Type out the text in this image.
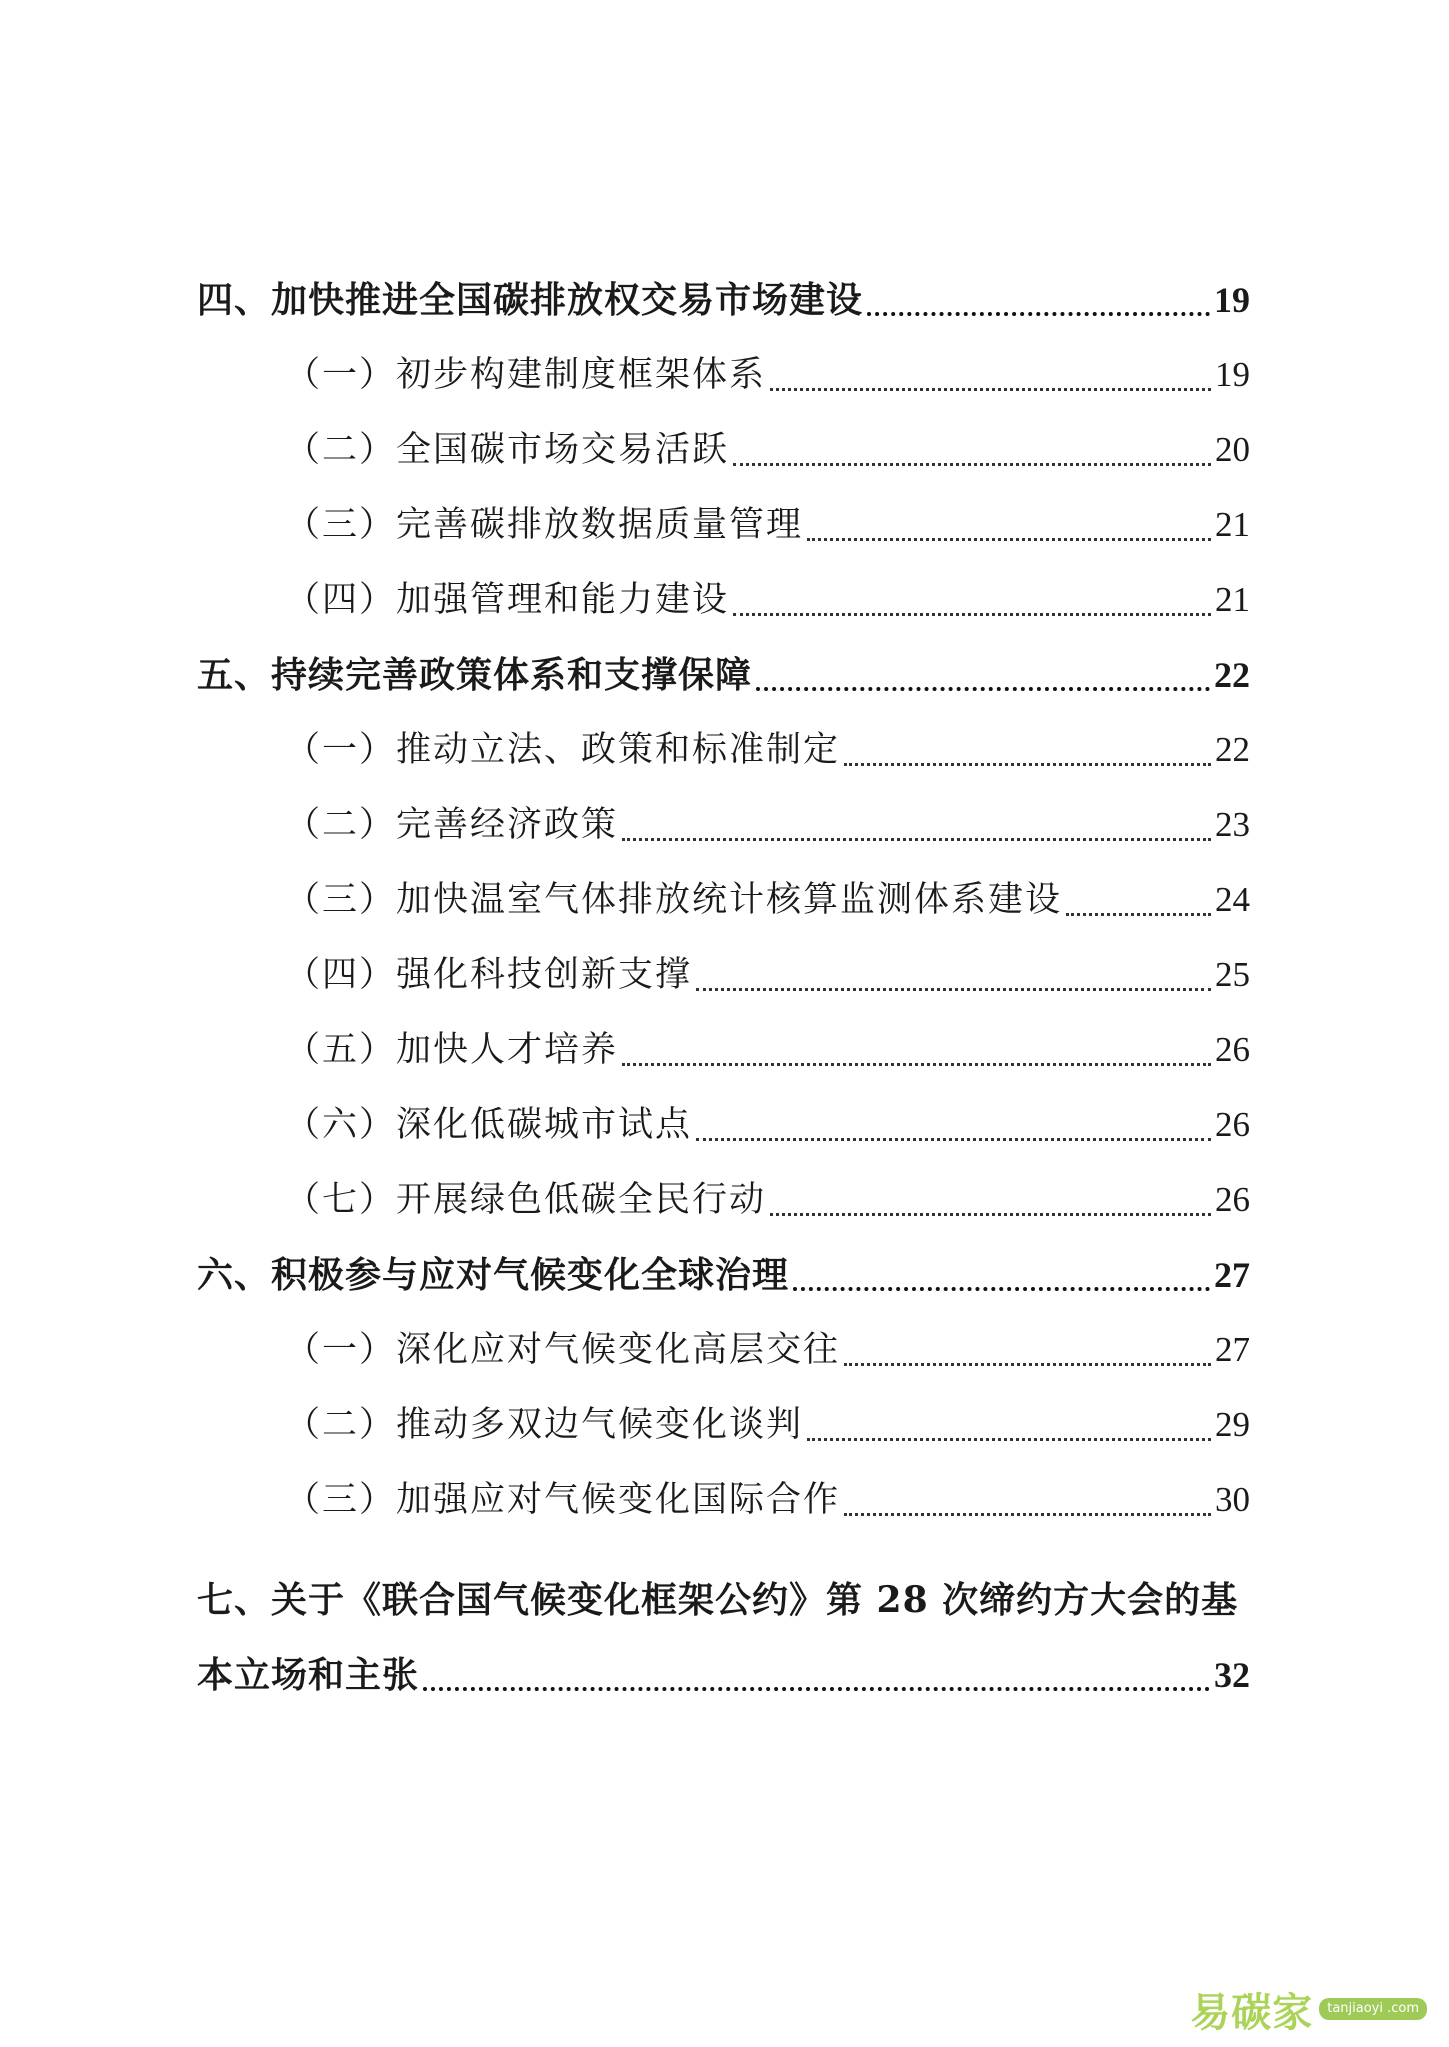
四、加快推进全国碳排放权交易市场建设	19
（一）初步构建制度框架体系	19
（二）全国碳市场交易活跃	20
（三）完善碳排放数据质量管理	21
（四）加强管理和能力建设	21
五、持续完善政策体系和支撑保障	22
（一）推动立法、政策和标准制定	22
（二）完善经济政策	23
（三）加快温室气体排放统计核算监测体系建设	24
（四）强化科技创新支撑	25
（五）加快人才培养	26
（六）深化低碳城市试点	26
（七）开展绿色低碳全民行动	26
六、积极参与应对气候变化全球治理	27
（一）深化应对气候变化高层交往	27
（二）推动多双边气候变化谈判	29
（三）加强应对气候变化国际合作	30
七、关于《联合国气候变化框架公约》第 28 次缔约方大会的基
本立场和主张	32
易碳家	tanjiaoyi .com
